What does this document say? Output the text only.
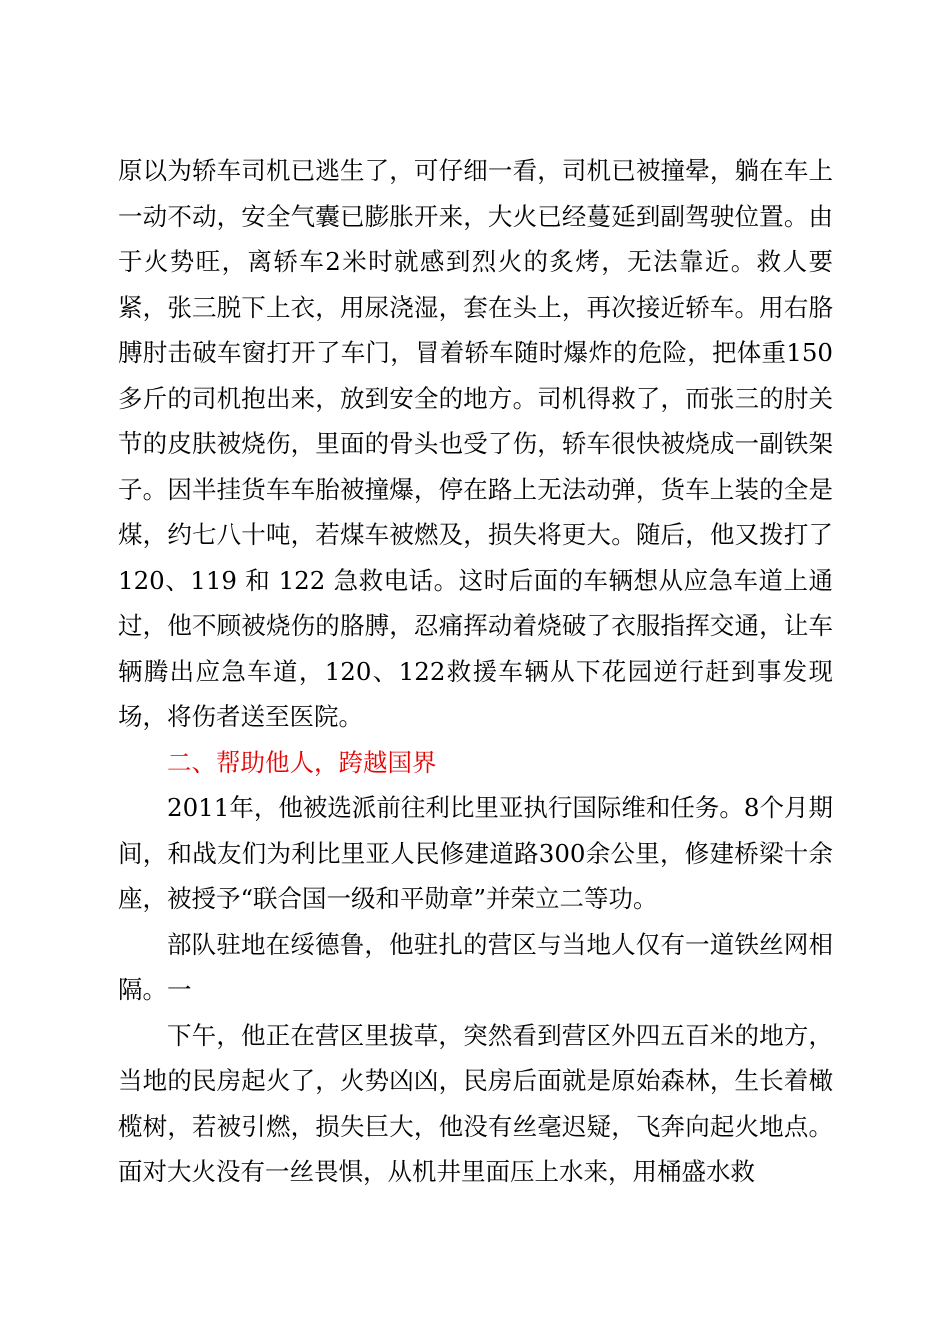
原以为轿车司机已逃生了，可仔细一看，司机已被撞晕，躺在车上一动不动，安全气囊已膨胀开来，大火已经蔓延到副驾驶位置。由于火势旺，离轿车2米时就感到烈火的炙烤，无法靠近。救人要紧，张三脱下上衣，用尿浇湿，套在头上，再次接近轿车。用右胳膊肘击破车窗打开了车门，冒着轿车随时爆炸的危险，把体重150多斤的司机抱出来，放到安全的地方。司机得救了，而张三的肘关节的皮肤被烧伤，里面的骨头也受了伤，轿车很快被烧成一副铁架子。因半挂货车车胎被撞爆，停在路上无法动弹，货车上装的全是煤，约七八十吨，若煤车被燃及，损失将更大。随后，他又拨打了 120、119 和 122 急救电话。这时后面的车辆想从应急车道上通过，他不顾被烧伤的胳膊，忍痛挥动着烧破了衣服指挥交通，让车辆腾出应急车道，120、122救援车辆从下花园逆行赶到事发现场，将伤者送至医院。

二、帮助他人，跨越国界

2011年，他被选派前往利比里亚执行国际维和任务。8个月期间，和战友们为利比里亚人民修建道路300余公里，修建桥梁十余座，被授予“联合国一级和平勋章”并荣立二等功。

部队驻地在绥德鲁，他驻扎的营区与当地人仅有一道铁丝网相隔。一

下午，他正在营区里拔草，突然看到营区外四五百米的地方，当地的民房起火了，火势凶凶，民房后面就是原始森林，生长着橄榄树，若被引燃，损失巨大，他没有丝毫迟疑，飞奔向起火地点。面对大火没有一丝畏惧，从机井里面压上水来，用桶盛水救
